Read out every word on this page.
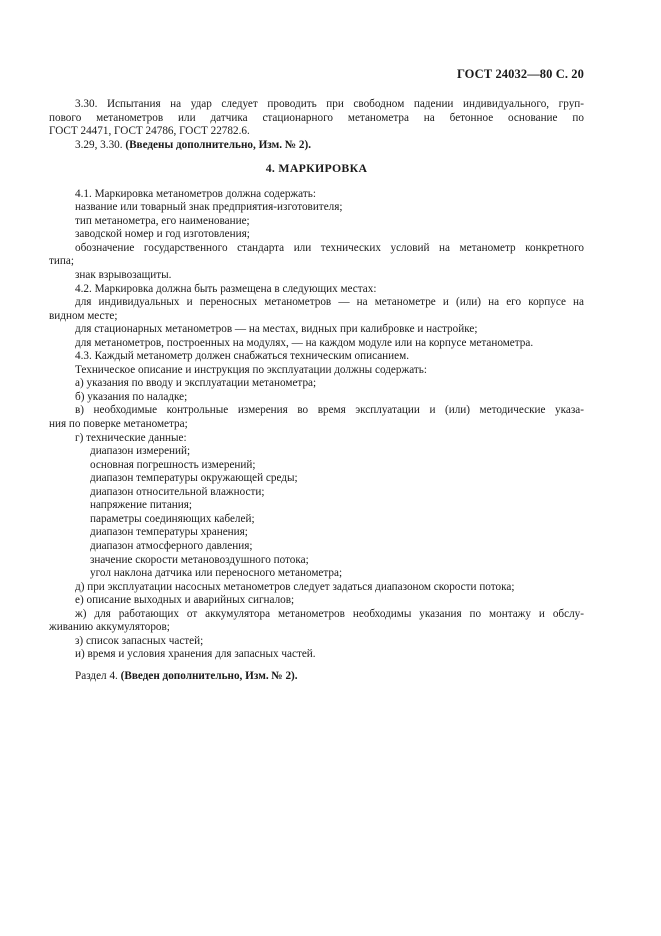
ГОСТ 24032—80 С. 20

3.30. Испытания на удар следует проводить при свободном падении индивидуального, груп-

пового метанометров или датчика стационарного метанометра на бетонное основание по

ГОСТ 24471, ГОСТ 24786, ГОСТ 22782.6.

3.29, 3.30. (Введены дополнительно, Изм. № 2).

4. МАРКИРОВКА

4.1. Маркировка метанометров должна содержать:

название или товарный знак предприятия-изготовителя;

тип метанометра, его наименование;

заводской номер и год изготовления;

обозначение государственного стандарта или технических условий на метанометр конкретного

типа;

знак взрывозащиты.

4.2. Маркировка должна быть размещена в следующих местах:

для индивидуальных и переносных метанометров — на метанометре и (или) на его корпусе на

видном месте;

для стационарных метанометров — на местах, видных при калибровке и настройке;

для метанометров, построенных на модулях, — на каждом модуле или на корпусе метанометра.

4.3. Каждый метанометр должен снабжаться техническим описанием.

Техническое описание и инструкция по эксплуатации должны содержать:

а) указания по вводу и эксплуатации метанометра;

б) указания по наладке;

в) необходимые контрольные измерения во время эксплуатации и (или) методические указа-

ния по поверке метанометра;

г) технические данные:

диапазон измерений;

основная погрешность измерений;

диапазон температуры окружающей среды;

диапазон относительной влажности;

напряжение питания;

параметры соединяющих кабелей;

диапазон температуры хранения;

диапазон атмосферного давления;

значение скорости метановоздушного потока;

угол наклона датчика или переносного метанометра;

д) при эксплуатации насосных метанометров следует задаться диапазоном скорости потока;

е) описание выходных и аварийных сигналов;

ж) для работающих от аккумулятора метанометров необходимы указания по монтажу и обслу-

живанию аккумуляторов;

з) список запасных частей;

и) время и условия хранения для запасных частей.

Раздел 4. (Введен дополнительно, Изм. № 2).
